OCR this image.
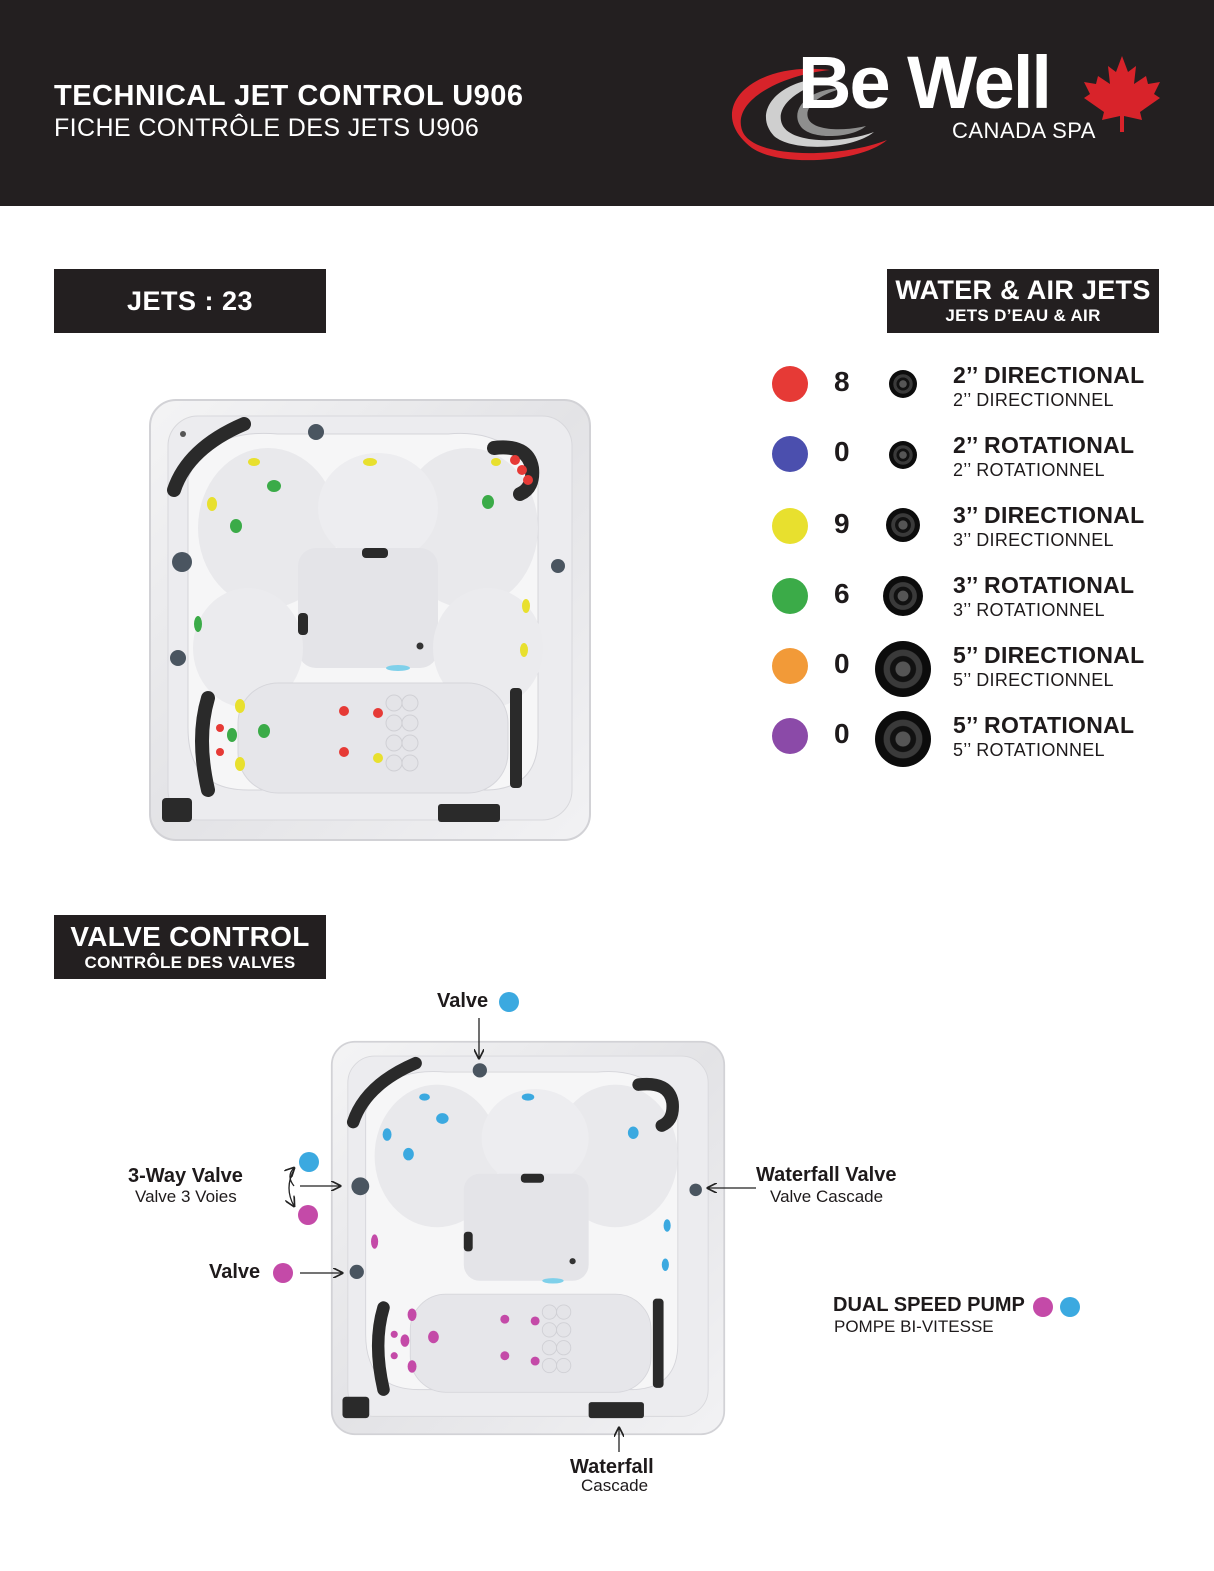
TECHNICAL JET CONTROL U906
FICHE CONTRÔLE DES JETS U906
Be Well
CANADA SPA
JETS : 23	WATER & AIR JETS
JETS D’EAU & AIR
8	2’’ DIRECTIONAL
2’’ DIRECTIONNEL
0	2’’ ROTATIONAL
2’’ ROTATIONNEL
9	3’’ DIRECTIONAL
3’’ DIRECTIONNEL
6	3’’ ROTATIONAL
3’’ ROTATIONNEL
0	5’’ DIRECTIONAL
5’’ DIRECTIONNEL
0	5’’ ROTATIONAL
5’’ ROTATIONNEL
VALVE CONTROL
CONTRÔLE DES VALVES
Valve
3-Way Valve
Valve 3 Voies
Valve
Waterfall Valve
Valve Cascade
Waterfall
Cascade
DUAL SPEED PUMP
POMPE BI-VITESSE
